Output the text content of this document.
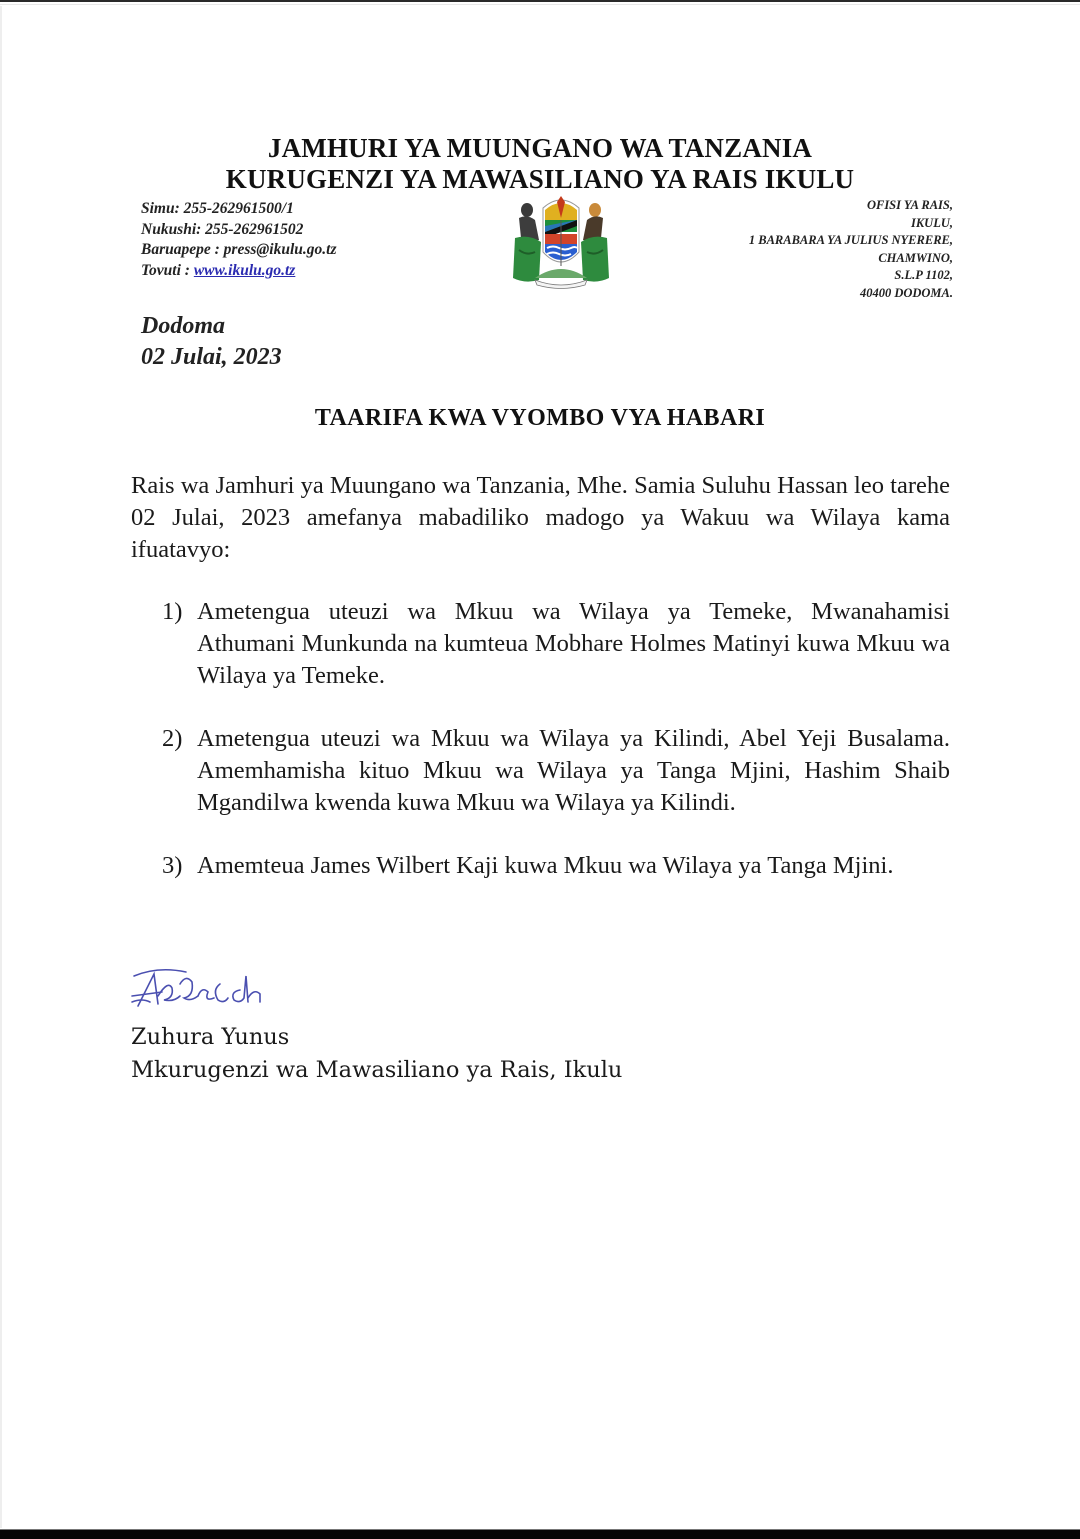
JAMHURI YA MUUNGANO WA TANZANIA
KURUGENZI YA MAWASILIANO YA RAIS IKULU
Simu: 255-262961500/1
Nukushi: 255-262961502
Baruapepe : press@ikulu.go.tz
Tovuti : www.ikulu.go.tz
OFISI YA RAIS,
IKULU,
1 BARABARA YA JULIUS NYERERE,
CHAMWINO,
S.L.P 1102,
40400 DODOMA.
Dodoma
02 Julai, 2023
TAARIFA KWA VYOMBO VYA HABARI
Rais wa Jamhuri ya Muungano wa Tanzania, Mhe. Samia Suluhu Hassan leo tarehe 02 Julai, 2023 amefanya mabadiliko madogo ya Wakuu wa Wilaya kama ifuatavyo:
1) Ametengua uteuzi wa Mkuu wa Wilaya ya Temeke, Mwanahamisi Athumani Munkunda na kumteua Mobhare Holmes Matinyi kuwa Mkuu wa Wilaya ya Temeke.
2) Ametengua uteuzi wa Mkuu wa Wilaya ya Kilindi, Abel Yeji Busalama. Amemhamisha kituo Mkuu wa Wilaya ya Tanga Mjini, Hashim Shaib Mgandilwa kwenda kuwa Mkuu wa Wilaya ya Kilindi.
3) Amemteua James Wilbert Kaji kuwa Mkuu wa Wilaya ya Tanga Mjini.
Zuhura Yunus
Mkurugenzi wa Mawasiliano ya Rais, Ikulu
